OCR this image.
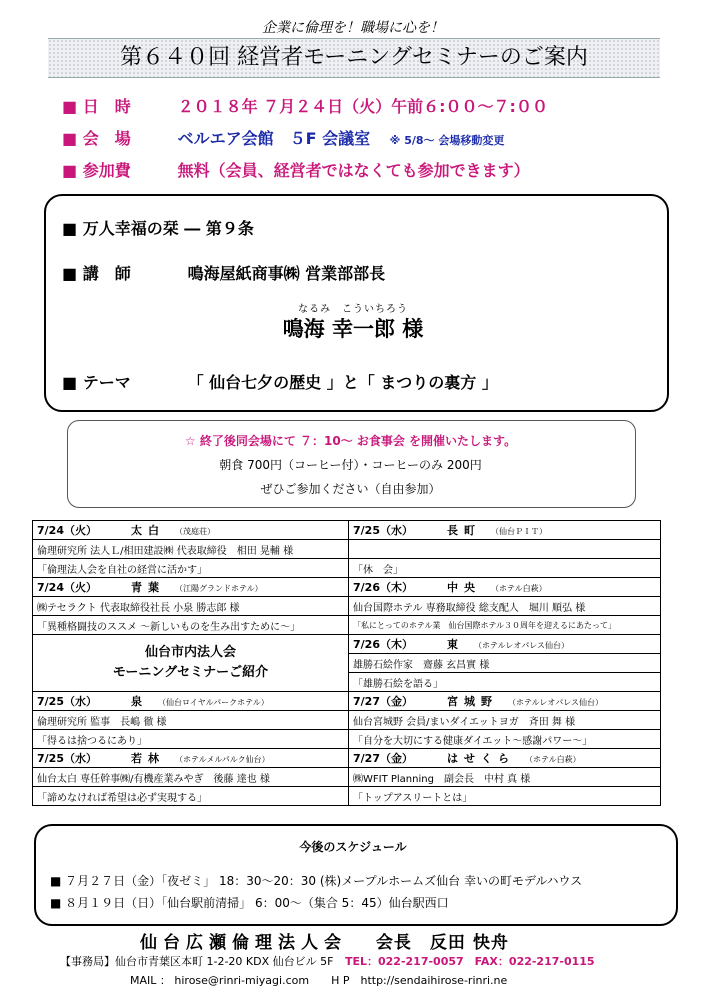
企業に倫理を！職場に心を！
第６４０回 経営者モーニングセミナーのご案内
■ 日　時	２０１８年 ７月２４日（火）午前６:００～７:００
■ 会　場	ベルエア会館　５F 会議室 ※ 5/8～ 会場移動変更
■ 参加費	無料（会員、経営者ではなくても参加できます）
■ 万人幸福の栞 ― 第９条
■ 講　師	鳴海屋紙商事㈱ 営業部部長
なるみ　こういちろう
鳴海 幸一郎 様
■ テーマ	「 仙台七夕の歴史 」と「 まつりの裏方 」
☆ 終了後同会場にて ７：10～ お食事会 を開催いたします。
朝食 700円（コーヒー付）・コーヒーのみ 200円
ぜひご参加ください（自由参加）
7/24（火） 太白 （茂庭荘）	7/25（水） 長町 （仙台ＰＩＴ）
倫理研究所 法人Ｌ/相田建設㈱ 代表取締役　相田 晃輔 様	
「倫理法人会を自社の経営に活かす」	「休　会」
7/24（火） 青葉 （江陽グランドホテル）	7/26（木） 中央 （ホテル白萩）
㈱テセラクト 代表取締役社長 小泉 勝志郎 様	仙台国際ホテル 専務取締役 総支配人　堀川 順弘 様
「異種格闘技のススメ ～新しいものを生み出すために～」	「私にとってのホテル業　仙台国際ホテル３０周年を迎えるにあたって」

仙台市内法人会
モーニングセミナーご紹介	7/26（木） 東 （ホテルレオパレス仙台）
	雄勝石絵作家　齋藤 玄昌實 様
	「雄勝石絵を語る」
7/25（水） 泉 （仙台ロイヤルパークホテル）	7/27（金） 宮城野 （ホテルレオパレス仙台）
倫理研究所 監事　長嶋 徹 様	仙台宮城野 会員/まいダイエットヨガ　斉田 舞 様
「得るは捨つるにあり」	「自分を大切にする健康ダイエット～感謝パワー～」
7/25（水） 若林 （ホテルメルパルク仙台）	7/27（金） はせくら （ホテル白萩）
仙台太白 専任幹事㈱/有機産業みやぎ　後藤 達也 様	㈱WFIT Planning　副会長　中村 真 様
「諦めなければ希望は必ず実現する」	「トップアスリートとは」
今後のスケジュール
■ ７月２７日（金）「夜ゼミ」 18：30～20：30 (株)メープルホームズ仙台 幸いの町モデルハウス
■ ８月１９日（日）「仙台駅前清掃」 6：00～（集合 5：45）仙台駅西口
仙台広瀬倫理法人会 会長　反田 快舟
【事務局】仙台市青葉区本町 1-2-20 KDX 仙台ビル 5F TEL：022-217-0057　FAX：022-217-0115
MAIL ： hirose@rinri-miyagi.com　　H P　http://sendaihirose-rinri.ne
